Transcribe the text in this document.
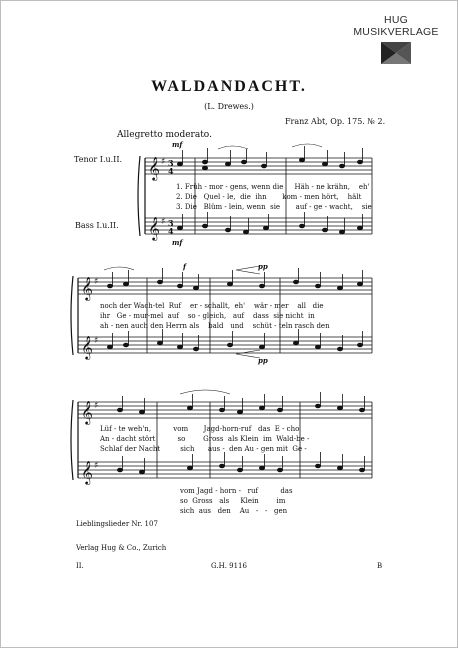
HUG
MUSIKVERLAGE
WALDANDACHT.
(L. Drewes.)
Franz Abt, Op. 175. № 2.
Allegretto moderato.
Tenor I.u.II.
Bass I.u.II.
𝄞
𝄞
𝄞
𝄞
𝄞
𝄞
♯
♯
3
4
3
4
♯
♯
♯
♯
mf
mf
f	pp
pp
1. Früh - mor - gens, wenn die     Häh - ne krähn,    eh'
2. Die   Quel - le,  die  ihn       kom - men hört,    hält
3. Die   Blüm - lein, wenn  sie       auf - ge - wacht,    sie
noch der Wach-tel  Ruf    er - schallt,  eh'    wär - mer    all   die
ihr   Ge - mur-mel  auf    so - gleich,   auf    dass  sie nicht  in
ah - nen auch den Herrn als    bald   und    schüt - teln rasch den
Lüf - te weh'n,          vom       Jagd-horn-ruf   das  E - cho
An - dacht stört          so        Gross  als Klein  im  Wald-be -
Schlaf der Nacht         sich      aus -  den Au - gen mit  Ge -
vom Jagd - horn -   ruf          das
so  Gross   als     Klein        im
sich  aus   den    Au   -   -   gen
Lieblingslieder Nr. 107
Verlag Hug & Co., Zurich
II.	G.H. 9116	B
